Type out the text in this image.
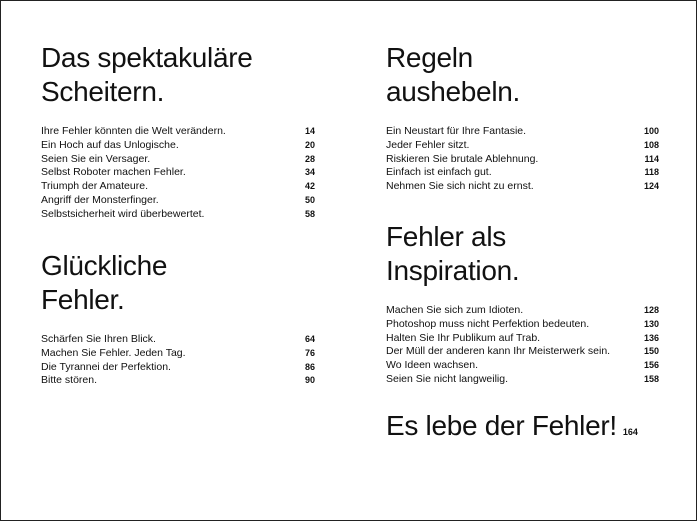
Das spektakuläre
Scheitern.
Ihre Fehler könnten die Welt verändern.	14
Ein Hoch auf das Unlogische.	20
Seien Sie ein Versager.	28
Selbst Roboter machen Fehler.	34
Triumph der Amateure.	42
Angriff der Monsterfinger.	50
Selbstsicherheit wird überbewertet.	58
Glückliche
Fehler.
Schärfen Sie Ihren Blick.	64
Machen Sie Fehler. Jeden Tag.	76
Die Tyrannei der Perfektion.	86
Bitte stören.	90
Regeln
aushebeln.
Ein Neustart für Ihre Fantasie.	100
Jeder Fehler sitzt.	108
Riskieren Sie brutale Ablehnung.	114
Einfach ist einfach gut.	118
Nehmen Sie sich nicht zu ernst.	124
Fehler als
Inspiration.
Machen Sie sich zum Idioten.	128
Photoshop muss nicht Perfektion bedeuten.	130
Halten Sie Ihr Publikum auf Trab.	136
Der Müll der anderen kann Ihr Meisterwerk sein.	150
Wo Ideen wachsen.	156
Seien Sie nicht langweilig.	158
Es lebe der Fehler! 164
